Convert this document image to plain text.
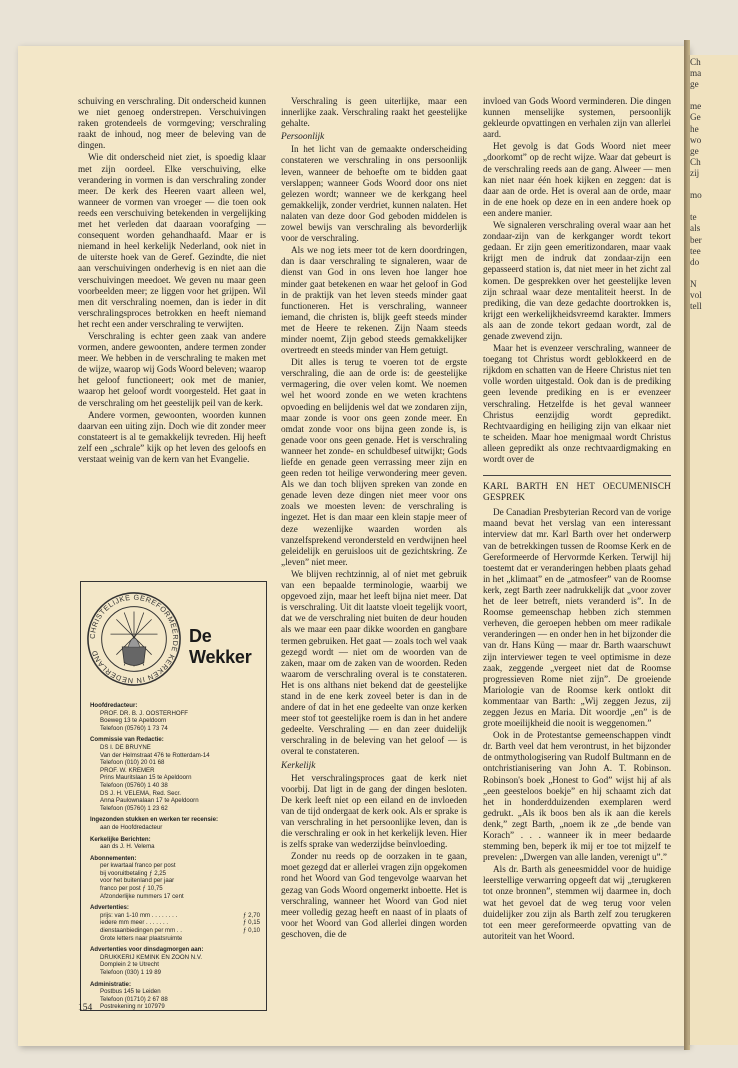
schuiving en verschraling. Dit onderscheid kunnen we niet genoeg onderstrepen. Verschuivingen raken grotendeels de vormgeving; verschraling raakt de inhoud, nog meer de beleving van de dingen.

Wie dit onderscheid niet ziet, is spoedig klaar met zijn oordeel. Elke verschuiving, elke verandering in vormen is dan verschraling zonder meer. De kerk des Heeren vaart alleen wel, wanneer de vormen van vroeger — die toen ook reeds een verschuiving betekenden in vergelijking met het verleden dat daaraan voorafging — consequent worden gehandhaafd. Maar er is niemand in heel kerkelijk Nederland, ook niet in de uiterste hoek van de Geref. Gezindte, die niet aan verschuivingen onderhevig is en niet aan die verschuivingen meedoet. We geven nu maar geen voorbeelden meer; ze liggen voor het grijpen. Wil men dit verschraling noemen, dan is ieder in dit verschralingsproces betrokken en heeft niemand het recht een ander verschraling te verwijten.

Verschraling is echter geen zaak van andere vormen, andere gewoonten, andere termen zonder meer. We hebben in de verschraling te maken met de wijze, waarop wij Gods Woord beleven; waarop het geloof functioneert; ook met de manier, waarop het geloof wordt voorgesteld. Het gaat in de verschraling om het geestelijk peil van de kerk.

Andere vormen, gewoonten, woorden kunnen daarvan een uiting zijn. Doch wie dit zonder meer constateert is al te gemakkelijk tevreden. Hij heeft zelf een „schrale” kijk op het leven des geloofs en verstaat weinig van de kern van het Evangelie.

Verschraling is geen uiterlijke, maar een innerlijke zaak. Verschraling raakt het geestelijke gehalte.

Persoonlijk

In het licht van de gemaakte onderscheiding constateren we verschraling in ons persoonlijk leven, wanneer de behoefte om te bidden gaat verslappen; wanneer Gods Woord door ons niet gelezen wordt; wanneer we de kerkgang heel gemakkelijk, zonder verdriet, kunnen nalaten. Het nalaten van deze door God geboden middelen is zowel bewijs van verschraling als bevorderlijk voor de verschraling.

Als we nog iets meer tot de kern doordringen, dan is daar verschraling te signaleren, waar de dienst van God in ons leven hoe langer hoe minder gaat betekenen en waar het geloof in God in de praktijk van het leven steeds minder gaat functioneren. Het is verschraling, wanneer iemand, die christen is, blijk geeft steeds minder met de Heere te rekenen. Zijn Naam steeds minder noemt, Zijn gebod steeds gemakkelijker overtreedt en steeds minder van Hem getuigt.

Dit alles is terug te voeren tot de ergste verschraling, die aan de orde is: de geestelijke vermagering, die over velen komt. We noemen wel het woord zonde en we weten krachtens opvoeding en belijdenis wel dat we zondaren zijn, maar zonde is voor ons geen zonde meer. En omdat zonde voor ons bijna geen zonde is, is genade voor ons geen genade. Het is verschraling wanneer het zonde- en schuldbesef uitwijkt; Gods liefde en genade geen verrassing meer zijn en geen reden tot heilige verwondering meer geven. Als we dan toch blijven spreken van zonde en genade leven deze dingen niet meer voor ons zoals we moesten leven: de verschraling is ingezet. Het is dan maar een klein stapje meer of deze wezenlijke waarden worden als vanzelfsprekend verondersteld en verdwijnen heel geleidelijk en geruisloos uit de gezichtskring. Ze „leven” niet meer.

We blijven rechtzinnig, al of niet met gebruik van een bepaalde terminologie, waarbij we opgevoed zijn, maar het leeft bijna niet meer. Dat is verschraling. Uit dit laatste vloeit tegelijk voort, dat we de verschraling niet buiten de deur houden als we maar een paar dikke woorden en gangbare termen gebruiken. Het gaat — zoals toch wel vaak gezegd wordt — niet om de woorden van de zaken, maar om de zaken van de woorden. Reden waarom de verschraling overal is te constateren. Het is ons althans niet bekend dat de geestelijke stand in de ene kerk zoveel beter is dan in de andere of dat in het ene gedeelte van onze kerken meer stof tot geestelijke roem is dan in het andere gedeelte. Verschraling — en dan zeer duidelijk verschraling in de beleving van het geloof — is overal te constateren.

Kerkelijk

Het verschralingsproces gaat de kerk niet voorbij. Dat ligt in de gang der dingen besloten. De kerk leeft niet op een eiland en de invloeden van de tijd ondergaat de kerk ook. Als er sprake is van verschraling in het persoonlijke leven, dan is die verschraling er ook in het kerkelijk leven. Hier is zelfs sprake van wederzijdse beïnvloeding.

Zonder nu reeds op de oorzaken in te gaan, moet gezegd dat er allerlei vragen zijn opgekomen rond het Woord van God tengevolge waarvan het gezag van Gods Woord ongemerkt inboette. Het is verschraling, wanneer het Woord van God niet meer volledig gezag heeft en naast of in plaats of voor het Woord van God allerlei dingen worden geschoven, die de

invloed van Gods Woord verminderen. Die dingen kunnen menselijke systemen, persoonlijk gekleurde opvattingen en verhalen zijn van allerlei aard.

Het gevolg is dat Gods Woord niet meer „doorkomt” op de recht wijze. Waar dat gebeurt is de verschraling reeds aan de gang. Alweer — men kan niet naar één hoek kijken en zeggen: dat is daar aan de orde. Het is overal aan de orde, maar in de ene hoek op deze en in een andere hoek op een andere manier.

We signaleren verschraling overal waar aan het zondaar-zijn van de kerkganger wordt tekort gedaan. Er zijn geen emeritizondaren, maar vaak krijgt men de indruk dat zondaar-zijn een gepasseerd station is, dat niet meer in het zicht zal komen. De gesprekken over het geestelijke leven zijn schraal waar deze mentaliteit heerst. In de prediking, die van deze gedachte doortrokken is, krijgt een werkelijkheidsvreemd karakter. Immers als aan de zonde tekort gedaan wordt, zal de genade zwevend zijn.

Maar het is evenzeer verschraling, wanneer de toegang tot Christus wordt geblokkeerd en de rijkdom en schatten van de Heere Christus niet ten volle worden uitgestald. Ook dan is de prediking geen levende prediking en is er evenzeer verschraling. Hetzelfde is het geval wanneer Christus eenzijdig wordt gepredikt. Rechtvaardiging en heiliging zijn van elkaar niet te scheiden. Maar hoe menigmaal wordt Christus alleen gepredikt als onze rechtvaardigmaking en wordt over de

KARL BARTH EN HET OECUMENISCH GESPREK

De Canadian Presbyterian Record van de vorige maand bevat het verslag van een interessant interview dat mr. Karl Barth over het onderwerp van de betrekkingen tussen de Roomse Kerk en de Gereformeerde of Hervormde Kerken. Terwijl hij toestemt dat er veranderingen hebben plaats gehad in het „klimaat” en de „atmosfeer” van de Roomse kerk, zegt Barth zeer nadrukkelijk dat „voor zover het de leer betreft, niets veranderd is”. In de Roomse gemeenschap hebben zich stemmen verheven, die geroepen hebben om meer radikale veranderingen — en onder hen in het bijzonder die van dr. Hans Küng — maar dr. Barth waarschuwt zijn interviewer tegen te veel optimisme in deze zaak, zeggende „vergeet niet dat de Roomse progressieven Rome niet zijn”. De groeiende Mariologie van de Roomse kerk ontlokt dit kommentaar van Barth: „Wij zeggen Jezus, zij zeggen Jezus en Maria. Dit woordje „en” is de grote moeilijkheid die nooit is weggenomen.”

Ook in de Protestantse gemeenschappen vindt dr. Barth veel dat hem verontrust, in het bijzonder de ontmythologisering van Rudolf Bultmann en de ontchristianisering van John A. T. Robinson. Robinson's boek „Honest to God” wijst hij af als „een geesteloos boekje” en hij schaamt zich dat het in honderdduizenden exemplaren werd gedrukt. „Als ik boos ben als ik aan die kerels denk,” zegt Barth, „noem ik ze „de bende van Korach” . . . wanneer ik in meer bedaarde stemming ben, beperk ik mij er toe tot mijzelf te prevelen: „Dwergen van alle landen, verenigt u”.”

Als dr. Barth als geneesmiddel voor de huidige leerstellige verwarring opgeeft dat wij „terugkeren tot onze bronnen”, stemmen wij daarmee in, doch wat het gevoel dat de weg terug voor velen duidelijker zou zijn als Barth zelf zou terugkeren tot een meer gereformeerde opvatting van de autoriteit van het Woord.

CHRISTELIJKE GEREFORMEERDE KERKEN IN NEDERLAND
De Wekker
Hoofdredacteur:
PROF. DR. B. J. OOSTERHOFF
Boeweg 13 te Apeldoorn
Telefoon (05760) 1 73 74
Commissie van Redactie:
DS I. DE BRUYNE
Van der Helmstraat 476 te Rotterdam-14
Telefoon (010) 20 01 68
PROF. W. KREMER
Prins Mauritslaan 15 te Apeldoorn
Telefoon (05760) 1 40 38
DS J. H. VELEMA, Red. Secr.
Anna Paulownalaan 17 te Apeldoorn
Telefoon (05760) 1 23 62
Ingezonden stukken en werken ter recensie:
aan de Hoofdredacteur
Kerkelijke Berichten:
aan ds J. H. Velema
Abonnementen:
per kwartaal franco per post
bij vooruitbetaling ƒ 2,25
voor het buitenland per jaar
franco per post ƒ 10,75
Afzonderlijke nummers 17 cent
Advertenties:
prijs: van 1-10 mm . . . . . . . .	ƒ 2,70
iedere mm meer . . . . . . .	ƒ 0,15
dienstaanbiedingen per mm . .	ƒ 0,10
Grote letters naar plaatsruimte
Advertenties voor dinsdagmorgen aan:
DRUKKERIJ KEMINK EN ZOON N.V.
Domplein 2 te Utrecht
Telefoon (030) 1 19 89
Administratie:
Postbus 145 te Leiden
Telefoon (01710) 2 67 88
Postrekening nr 107979
154
Ch
ma
ge
me
Ge
he
wo
ge
Ch
zij
mo
te
als
ber
tee
do
N
vol
tell
